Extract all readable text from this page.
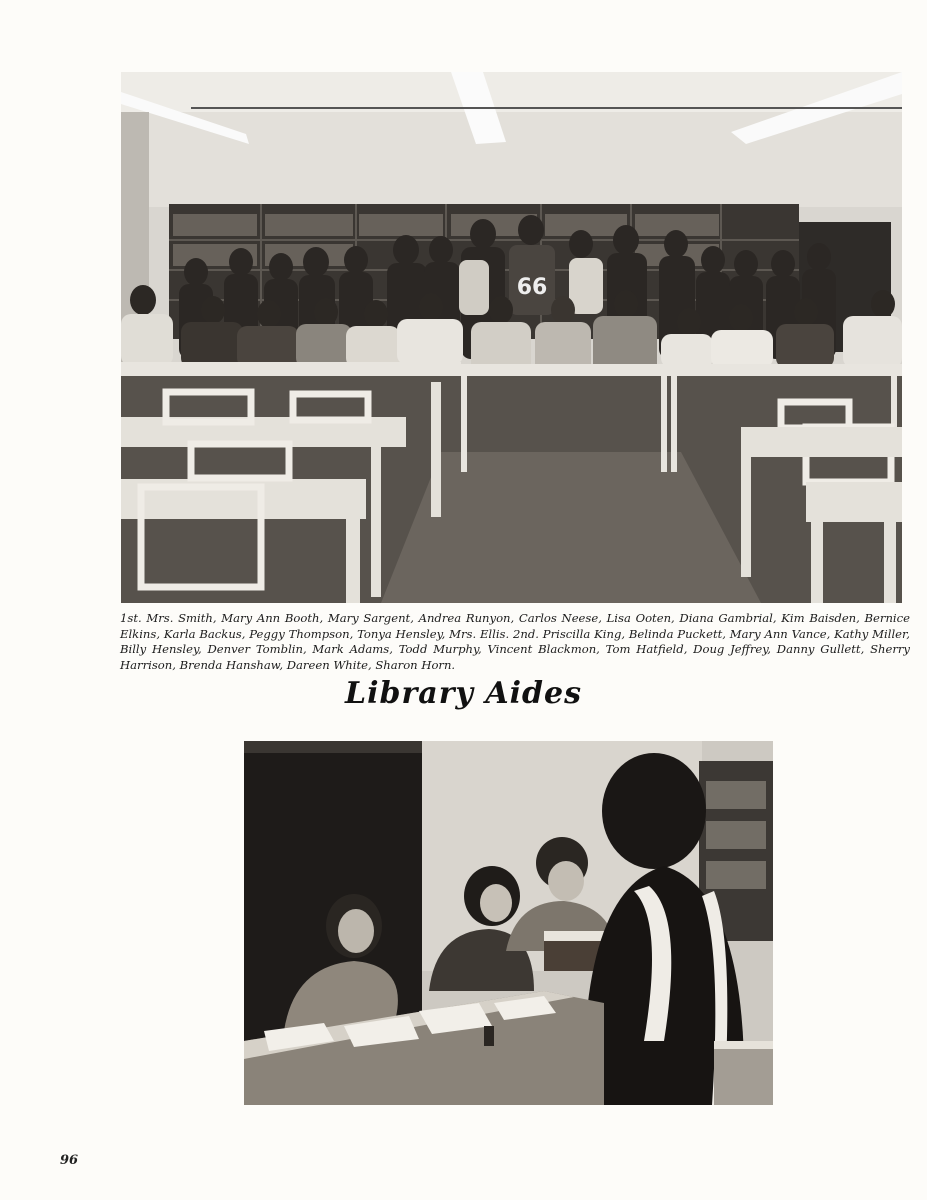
66
1st. Mrs. Smith, Mary Ann Booth, Mary Sargent, Andrea Runyon, Carlos Neese, Lisa Ooten, Diana Gambrial, Kim Baisden, Bernice Elkins, Karla Backus, Peggy Thompson, Tonya Hensley, Mrs. Ellis. 2nd. Priscilla King, Belinda Puckett, Mary Ann Vance, Kathy Miller, Billy Hensley, Denver Tomblin, Mark Adams, Todd Murphy, Vincent Blackmon, Tom Hatfield, Doug Jeffrey, Danny Gullett, Sherry Harrison, Brenda Hanshaw, Dareen White, Sharon Horn.
Library Aides
96
